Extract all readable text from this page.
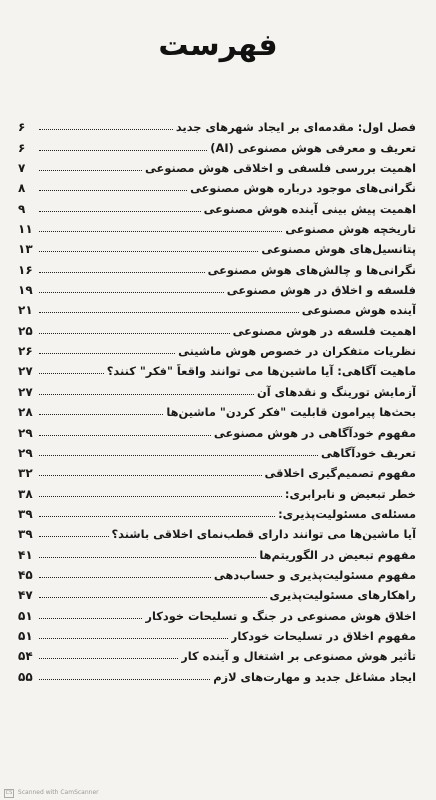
فهرست
فصل اول: مقدمه‌ای بر ایجاد شهرهای جدید
۶
تعریف و معرفی هوش مصنوعی (AI)
۶
اهمیت بررسی فلسفی و اخلاقی هوش مصنوعی
۷
نگرانی‌های موجود درباره هوش مصنوعی
۸
اهمیت پیش بینی آینده هوش مصنوعی
۹
تاریخچه هوش مصنوعی
۱۱
پتانسیل‌های هوش مصنوعی
۱۳
نگرانی‌ها و چالش‌های هوش مصنوعی
۱۶
فلسفه و اخلاق در هوش مصنوعی
۱۹
آینده هوش مصنوعی
۲۱
اهمیت فلسفه در هوش مصنوعی
۲۵
نظریات متفکران در خصوص هوش ماشینی
۲۶
ماهیت آگاهی: آیا ماشین‌ها می توانند واقعاً "فکر" کنند؟
۲۷
آزمایش تورینگ و نقدهای آن
۲۷
بحث‌ها پیرامون قابلیت "فکر کردن" ماشین‌ها
۲۸
مفهوم خودآگاهی در هوش مصنوعی
۲۹
تعریف خودآگاهی
۲۹
مفهوم تصمیم‌گیری اخلاقی
۳۲
خطر تبعیض و نابرابری:
۳۸
مسئله‌ی مسئولیت‌پذیری:
۳۹
آیا ماشین‌ها می توانند دارای قطب‌نمای اخلاقی باشند؟
۳۹
مفهوم تبعیض در الگوریتم‌ها
۴۱
مفهوم مسئولیت‌پذیری و حساب‌دهی
۴۵
راهکارهای مسئولیت‌پذیری
۴۷
اخلاق هوش مصنوعی در جنگ و تسلیحات خودکار
۵۱
مفهوم اخلاق در تسلیحات خودکار
۵۱
تأثیر هوش مصنوعی بر اشتغال و آینده کار
۵۴
ایجاد مشاغل جدید و مهارت‌های لازم
۵۵
CS Scanned with CamScanner
